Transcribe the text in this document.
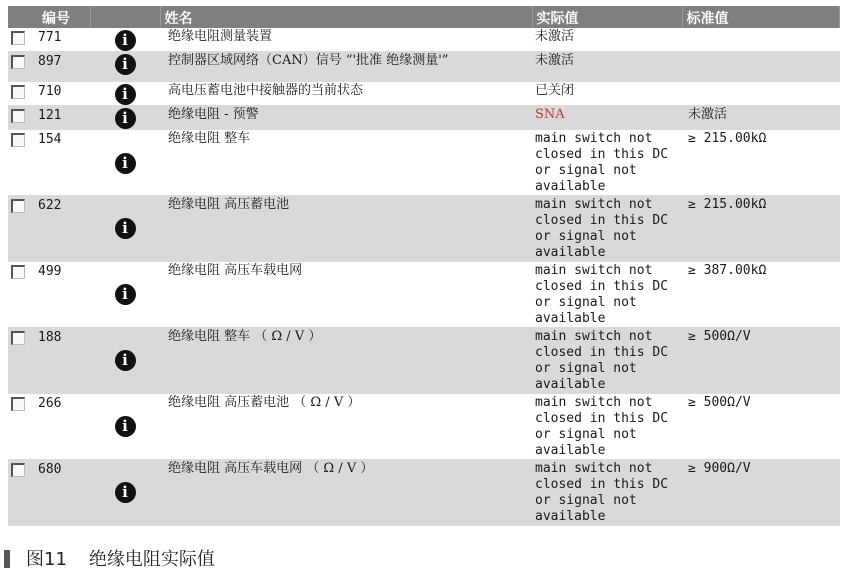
编号			姓名	实际值	标准值

	771	i	绝缘电阻测量装置	未激活	

	897	i	控制器区域网络（CAN）信号 “'批准 绝缘测量'”	未激活	

	710	i	高电压蓄电池中接触器的当前状态	已关闭	

	121	i	绝缘电阻 - 预警	SNA	未激活

	154	i	绝缘电阻 整车	main switch not closed in this DC or signal not available	≥ 215.00kΩ

	622	i	绝缘电阻 高压蓄电池	main switch not closed in this DC or signal not available	≥ 215.00kΩ

	499	i	绝缘电阻 高压车载电网	main switch not closed in this DC or signal not available	≥ 387.00kΩ

	188	i	绝缘电阻 整车 （ Ω / V ）	main switch not closed in this DC or signal not available	≥ 500Ω/V

	266	i	绝缘电阻 高压蓄电池 （ Ω / V ）	main switch not closed in this DC or signal not available	≥ 500Ω/V

	680	i	绝缘电阻 高压车载电网 （ Ω / V ）	main switch not closed in this DC or signal not available	≥ 900Ω/V
图11 绝缘电阻实际值
